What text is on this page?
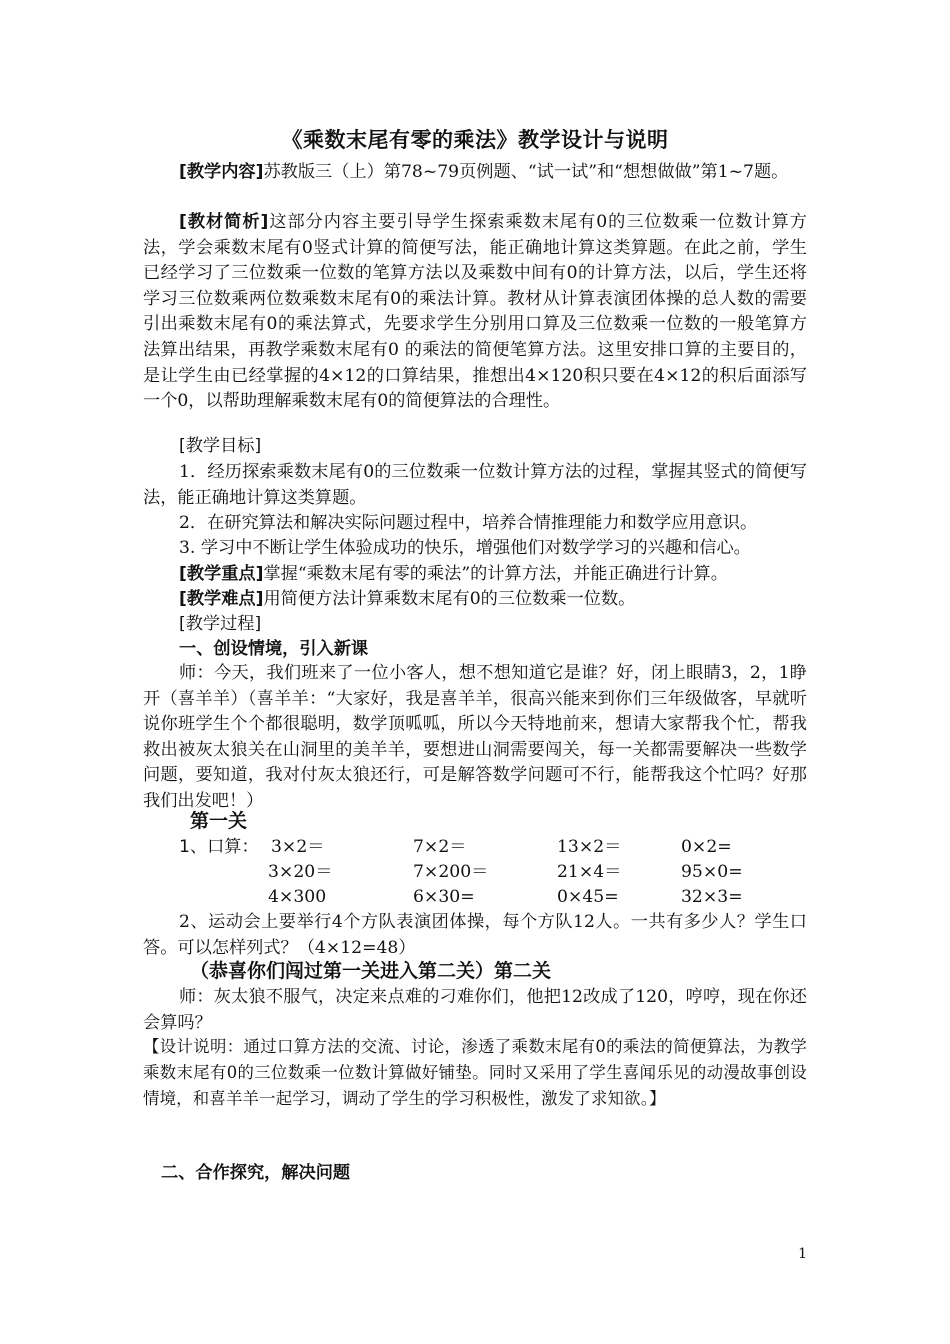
《乘数末尾有零的乘法》教学设计与说明
[教学内容]苏教版三（上）第78~79页例题、“试一试”和“想想做做”第1~7题。
[教材简析]这部分内容主要引导学生探索乘数末尾有0的三位数乘一位数计算方法，学会乘数末尾有0竖式计算的简便写法，能正确地计算这类算题。在此之前，学生已经学习了三位数乘一位数的笔算方法以及乘数中间有0的计算方法，以后，学生还将学习三位数乘两位数乘数末尾有0的乘法计算。教材从计算表演团体操的总人数的需要引出乘数末尾有0的乘法算式，先要求学生分别用口算及三位数乘一位数的一般笔算方法算出结果，再教学乘数末尾有0 的乘法的简便笔算方法。这里安排口算的主要目的，是让学生由已经掌握的4×12的口算结果，推想出4×120积只要在4×12的积后面添写一个0，以帮助理解乘数末尾有0的简便算法的合理性。
[教学目标]
1．经历探索乘数末尾有0的三位数乘一位数计算方法的过程，掌握其竖式的简便写法，能正确地计算这类算题。
2．在研究算法和解决实际问题过程中，培养合情推理能力和数学应用意识。
3. 学习中不断让学生体验成功的快乐，增强他们对数学学习的兴趣和信心。
[教学重点]掌握“乘数末尾有零的乘法”的计算方法，并能正确进行计算。
[教学难点]用简便方法计算乘数末尾有0的三位数乘一位数。
[教学过程]
一、创设情境，引入新课
师：今天，我们班来了一位小客人，想不想知道它是谁？好，闭上眼睛3，2，1睁开（喜羊羊）（喜羊羊：“大家好，我是喜羊羊，很高兴能来到你们三年级做客，早就听说你班学生个个都很聪明，数学顶呱呱，所以今天特地前来，想请大家帮我个忙，帮我救出被灰太狼关在山洞里的美羊羊，要想进山洞需要闯关，每一关都需要解决一些数学问题，要知道，我对付灰太狼还行，可是解答数学问题可不行，能帮我这个忙吗？好那我们出发吧！）
第一关
1、口算： 3×2＝	7×2＝	13×2＝	0×2=
3×20＝	7×200＝	21×4＝	95×0=
4×300	6×30=	0×45=	32×3=
2、运动会上要举行4个方队表演团体操，每个方队12人。一共有多少人？学生口答。可以怎样列式？（4×12=48）
（恭喜你们闯过第一关进入第二关）第二关
师：灰太狼不服气，决定来点难的刁难你们，他把12改成了120，哼哼，现在你还会算吗？
【设计说明：通过口算方法的交流、讨论，渗透了乘数末尾有0的乘法的简便算法，为教学乘数末尾有0的三位数乘一位数计算做好铺垫。同时又采用了学生喜闻乐见的动漫故事创设情境，和喜羊羊一起学习，调动了学生的学习积极性，激发了求知欲。】
二、合作探究，解决问题
1
